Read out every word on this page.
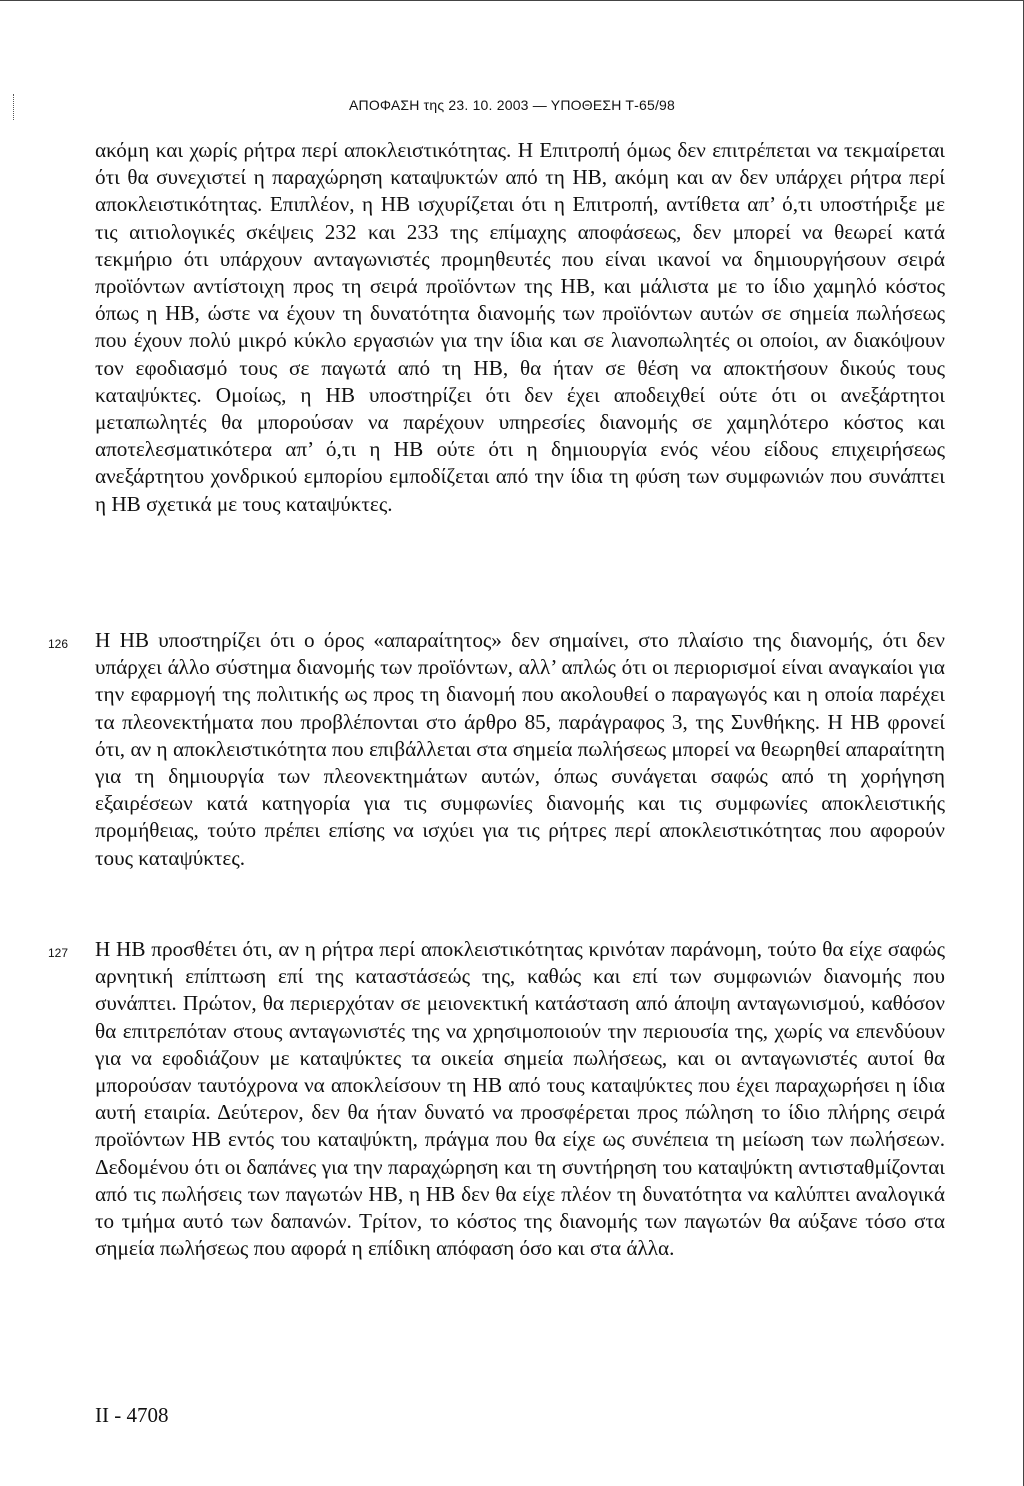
ΑΠΟΦΑΣΗ της 23. 10. 2003 — ΥΠΟΘΕΣΗ Τ-65/98
ακόμη και χωρίς ρήτρα περί αποκλειστικότητας. Η Επιτροπή όμως δεν επιτρέπεται να τεκμαίρεται ότι θα συνεχιστεί η παραχώρηση καταψυκτών από τη ΗΒ, ακόμη και αν δεν υπάρχει ρήτρα περί αποκλειστικότητας. Επιπλέον, η ΗΒ ισχυρίζεται ότι η Επιτροπή, αντίθετα απ’ ό,τι υποστήριξε με τις αιτιολογικές σκέψεις 232 και 233 της επίμαχης αποφάσεως, δεν μπορεί να θεωρεί κατά τεκμήριο ότι υπάρχουν ανταγωνιστές προμηθευτές που είναι ικανοί να δημιουργήσουν σειρά προϊόντων αντίστοιχη προς τη σειρά προϊόντων της ΗΒ, και μάλιστα με το ίδιο χαμηλό κόστος όπως η ΗΒ, ώστε να έχουν τη δυνατότητα διανομής των προϊόντων αυτών σε σημεία πωλήσεως που έχουν πολύ μικρό κύκλο εργασιών για την ίδια και σε λιανοπωλητές οι οποίοι, αν διακόψουν τον εφοδιασμό τους σε παγωτά από τη ΗΒ, θα ήταν σε θέση να αποκτήσουν δικούς τους καταψύκτες. Ομοίως, η ΗΒ υποστηρίζει ότι δεν έχει αποδειχθεί ούτε ότι οι ανεξάρτητοι μεταπωλητές θα μπορούσαν να παρέχουν υπηρεσίες διανομής σε χαμηλότερο κόστος και αποτελεσματικότερα απ’ ό,τι η ΗΒ ούτε ότι η δημιουργία ενός νέου είδους επιχειρήσεως ανεξάρτητου χονδρικού εμπορίου εμποδίζεται από την ίδια τη φύση των συμφωνιών που συνάπτει η ΗΒ σχετικά με τους καταψύκτες.
126 Η ΗΒ υποστηρίζει ότι ο όρος «απαραίτητος» δεν σημαίνει, στο πλαίσιο της διανομής, ότι δεν υπάρχει άλλο σύστημα διανομής των προϊόντων, αλλ’ απλώς ότι οι περιορισμοί είναι αναγκαίοι για την εφαρμογή της πολιτικής ως προς τη διανομή που ακολουθεί ο παραγωγός και η οποία παρέχει τα πλεονεκτήματα που προβλέπονται στο άρθρο 85, παράγραφος 3, της Συνθήκης. Η ΗΒ φρονεί ότι, αν η αποκλειστικότητα που επιβάλλεται στα σημεία πωλήσεως μπορεί να θεωρηθεί απαραίτητη για τη δημιουργία των πλεονεκτημάτων αυτών, όπως συνάγεται σαφώς από τη χορήγηση εξαιρέσεων κατά κατηγορία για τις συμφωνίες διανομής και τις συμφωνίες αποκλειστικής προμήθειας, τούτο πρέπει επίσης να ισχύει για τις ρήτρες περί αποκλειστικότητας που αφορούν τους καταψύκτες.
127 Η ΗΒ προσθέτει ότι, αν η ρήτρα περί αποκλειστικότητας κρινόταν παράνομη, τούτο θα είχε σαφώς αρνητική επίπτωση επί της καταστάσεώς της, καθώς και επί των συμφωνιών διανομής που συνάπτει. Πρώτον, θα περιερχόταν σε μειονεκτική κατάσταση από άποψη ανταγωνισμού, καθόσον θα επιτρεπόταν στους ανταγωνιστές της να χρησιμοποιούν την περιουσία της, χωρίς να επενδύουν για να εφοδιάζουν με καταψύκτες τα οικεία σημεία πωλήσεως, και οι ανταγωνιστές αυτοί θα μπορούσαν ταυτόχρονα να αποκλείσουν τη ΗΒ από τους καταψύκτες που έχει παραχωρήσει η ίδια αυτή εταιρία. Δεύτερον, δεν θα ήταν δυνατό να προσφέρεται προς πώληση το ίδιο πλήρης σειρά προϊόντων ΗΒ εντός του καταψύκτη, πράγμα που θα είχε ως συνέπεια τη μείωση των πωλήσεων. Δεδομένου ότι οι δαπάνες για την παραχώρηση και τη συντήρηση του καταψύκτη αντισταθμίζονται από τις πωλήσεις των παγωτών ΗΒ, η ΗΒ δεν θα είχε πλέον τη δυνατότητα να καλύπτει αναλογικά το τμήμα αυτό των δαπανών. Τρίτον, το κόστος της διανομής των παγωτών θα αύξανε τόσο στα σημεία πωλήσεως που αφορά η επίδικη απόφαση όσο και στα άλλα.
II - 4708
